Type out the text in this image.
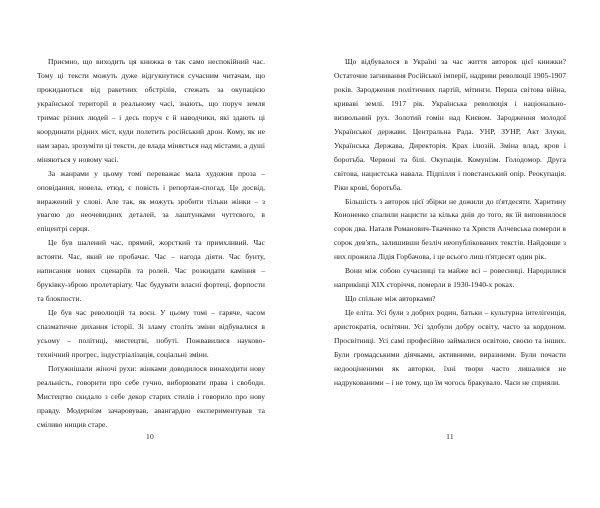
Приємно, що виходить ця книжка в так само неспокійний час. Тому ці тексти можуть дуже відгукнутися сучасним читачам, що прокидаються від ракетних обстрілів, стежать за окупацією української території в реальному часі, знають, що поруч земля тримає різних людей – і десь поруч є й наводчики, які здають ці координати рідних міст, куди полетить російський дрон. Кому, як не нам зараз, зрозуміти ці тексти, де влада міняється над містами, а душі міняються у новому часі.

За жанрами у цьому томі переважає мала художня проза – оповідання, новела, етюд, є повість і репортаж-спогад. Це досвід, виражений у слові. Але так, як можуть зробити тільки жінки – з увагою до неочевидних деталей, за лаштунками чуттєвого, в епіцентрі серця.

Це був шалений час, прямий, жорсткий та примхливий. Час встояти. Час, який не пробачає. Час – нагода діяти. Час бунту, написання нових сценаріїв та ролей. Час розкидати каміння – бруківку-зброю пролетаріату. Час будувати власні фортеці, форпости та блокпости.

Це був час революцій та воєн. У цьому томі – гаряче, часом спазматичне дихання історії. Зі зламу століть зміни відбувалися в усьому – політиці, мистецтві, побуті. Пожвавилися науково-технічний прогрес, індустріалізація, соціальні зміни.

Потужнішали жіночі рухи: жінками доводилося винаходити нову реальність, говорити про себе гучно, виборювати права і свободи. Мистецтво скидало з себе декор старих стилів і говорило про нову правду. Модернізм зачаровував, авангардно експериментував та сміливо нищив старе.

10

Що відбувалося в Україні за час життя авторок цієї книжки? Остаточне загнивання Російської імперії, надриви революції 1905-1907 років. Зародження політичних партій, мітинги. Перша світова війна, криваві землі. 1917 рік. Українська революція і національно-визвольний рух. Золотий гомін над Києвом. Зародження молодої Української держави. Центральна Рада. УНР, ЗУНР, Акт Злуки, Українська Держава, Директорія. Крах ілюзій. Зміна влад, кров і боротьба. Червоні та білі. Окупація. Комунізм. Голодомор. Друга світова, нацистська навала. Підпілля і повстанський опір. Реокупація. Ріки крові, боротьба.

Більшість з авторок цієї збірки не дожили до п'ятдесяти. Харитину Кононенко спалили нацисти за кілька днів до того, як їй виповнилося сорок два. Наталя Романович-Ткаченко та Христя Алчевська померли в сорок дев'ять, залишивши безліч неопублікованих текстів. Найдовше з них прожила Лідія Горбачова, і це всього лиш п'ятдесят один рік.

Вони між собою сучасниці та майже всі – ровесниці. Народилися наприкінці XIX сторіччя, померли в 1930-1940-х роках.

Що спільне між авторками?

Це еліта. Усі були з добрих родин, батьки – культурна інтелігенція, аристократія, освітяни. Усі здобули добру освіту, часто за кордоном. Просвітниці. Усі самі професійно займалися освітою, своєю та інших. Були громадськими діячками, активними, виразними. Були почасти недооціненими як авторки, їхні твори часто лишалися не надрукованими – і не тому, що їм чогось бракувало. Часи не сприяли.

11
